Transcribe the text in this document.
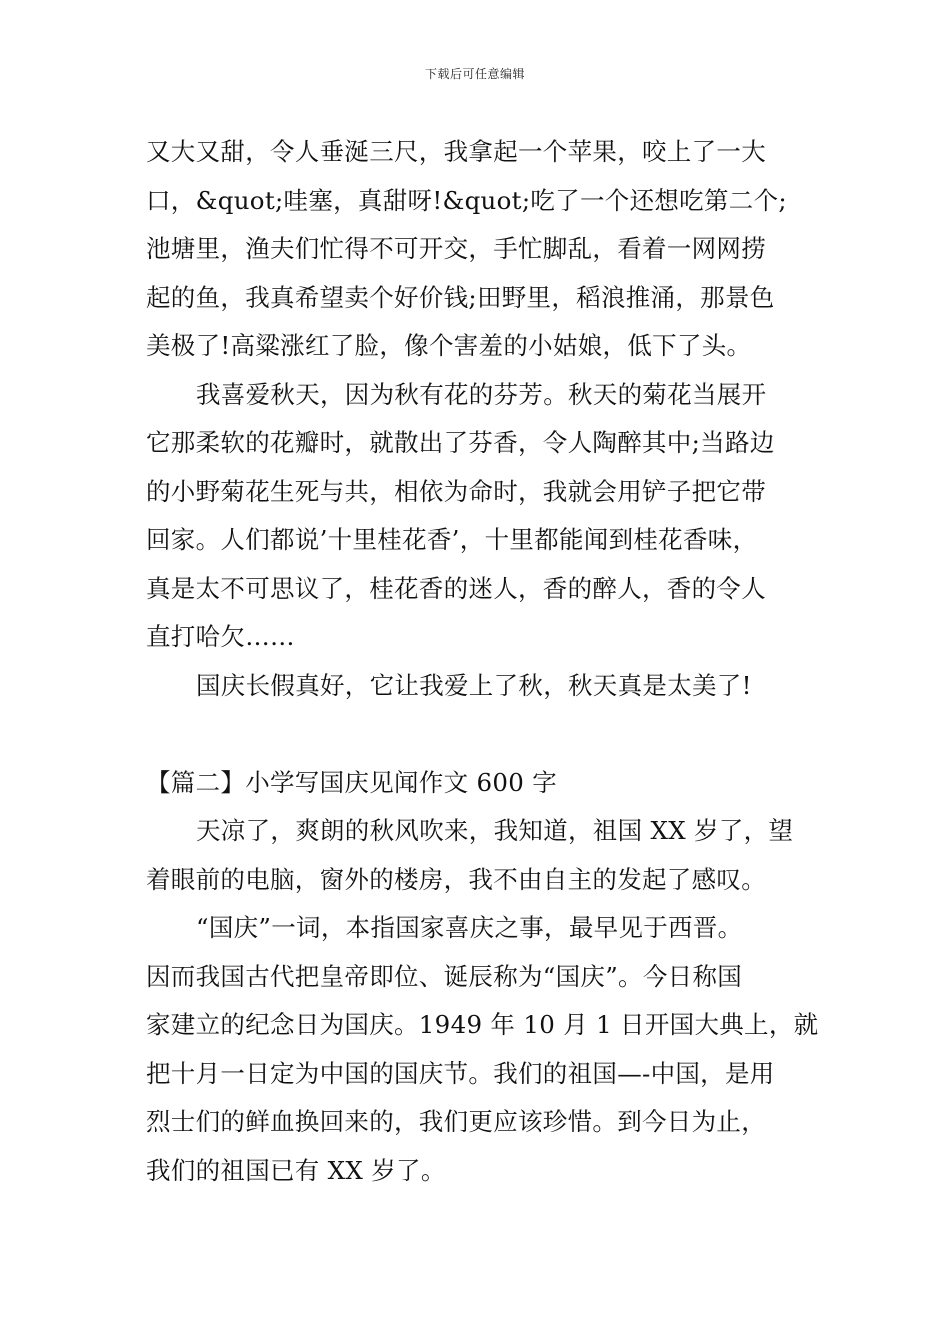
下载后可任意编辑
又大又甜，令人垂涎三尺，我拿起一个苹果，咬上了一大
口，&quot;哇塞，真甜呀!&quot;吃了一个还想吃第二个;
池塘里，渔夫们忙得不可开交，手忙脚乱，看着一网网捞
起的鱼，我真希望卖个好价钱;田野里，稻浪推涌，那景色
美极了!高粱涨红了脸，像个害羞的小姑娘，低下了头。
我喜爱秋天，因为秋有花的芬芳。秋天的菊花当展开
它那柔软的花瓣时，就散出了芬香，令人陶醉其中;当路边
的小野菊花生死与共，相依为命时，我就会用铲子把它带
回家。人们都说’十里桂花香’，十里都能闻到桂花香味，
真是太不可思议了，桂花香的迷人，香的醉人，香的令人
直打哈欠……
国庆长假真好，它让我爱上了秋，秋天真是太美了!
【篇二】小学写国庆见闻作文 600 字
天凉了，爽朗的秋风吹来，我知道，祖国 XX 岁了，望
着眼前的电脑，窗外的楼房，我不由自主的发起了感叹。
“国庆”一词，本指国家喜庆之事，最早见于西晋。
因而我国古代把皇帝即位、诞辰称为“国庆”。今日称国
家建立的纪念日为国庆。1949 年 10 月 1 日开国大典上，就
把十月一日定为中国的国庆节。我们的祖国—-中国，是用
烈士们的鲜血换回来的，我们更应该珍惜。到今日为止，
我们的祖国已有 XX 岁了。
